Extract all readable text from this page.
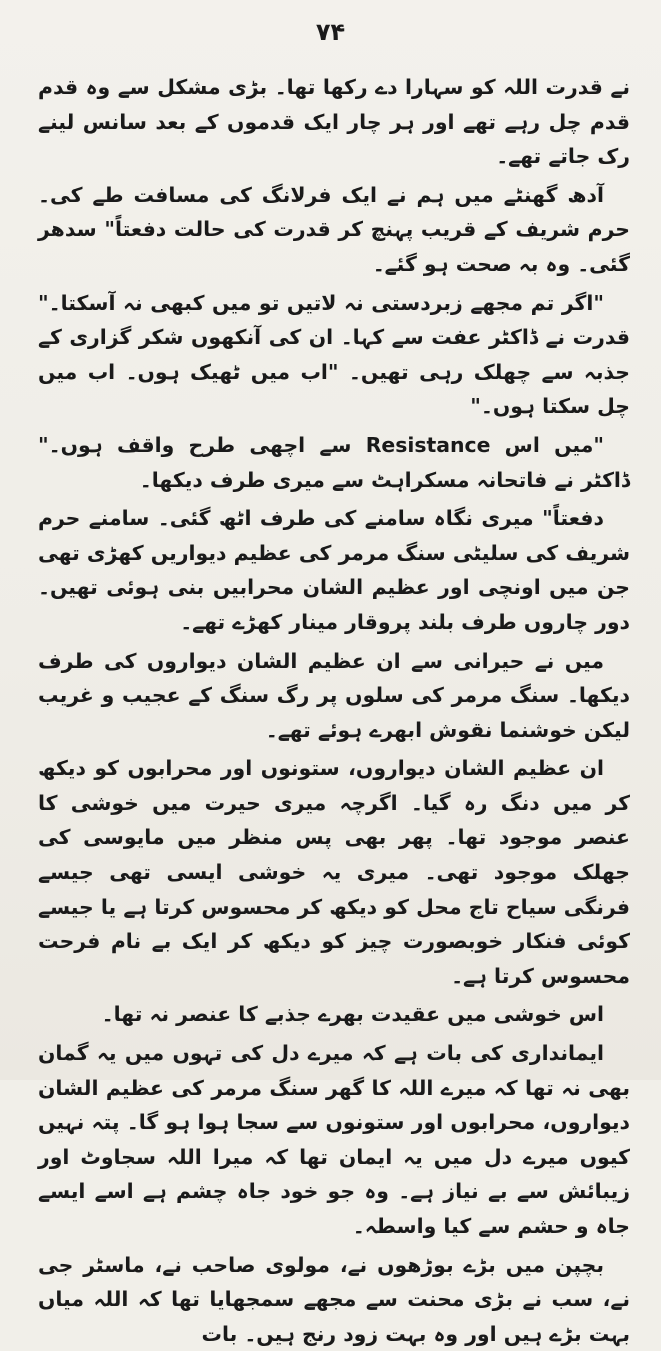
۷۴
نے قدرت اللہ کو سہارا دے رکھا تھا۔ بڑی مشکل سے وہ قدم قدم چل رہے تھے اور ہر چار ایک قدموں کے بعد سانس لینے رک جاتے تھے۔
آدھ گھنٹے میں ہم نے ایک فرلانگ کی مسافت طے کی۔ حرم شریف کے قریب پہنچ کر قدرت کی حالت دفعتاً" سدھر گئی۔ وہ بہ صحت ہو گئے۔
"اگر تم مجھے زبردستی نہ لاتیں تو میں کبھی نہ آسکتا۔" قدرت نے ڈاکٹر عفت سے کہا۔ ان کی آنکھوں شکر گزاری کے جذبہ سے چھلک رہی تھیں۔ "اب میں ٹھیک ہوں۔ اب میں چل سکتا ہوں۔"
"میں اس Resistance سے اچھی طرح واقف ہوں۔" ڈاکٹر نے فاتحانہ مسکراہٹ سے میری طرف دیکھا۔
دفعتاً" میری نگاہ سامنے کی طرف اٹھ گئی۔ سامنے حرم شریف کی سلیٹی سنگ مرمر کی عظیم دیواریں کھڑی تھی جن میں اونچی اور عظیم الشان محرابیں بنی ہوئی تھیں۔ دور چاروں طرف بلند پروقار مینار کھڑے تھے۔
میں نے حیرانی سے ان عظیم الشان دیواروں کی طرف دیکھا۔ سنگ مرمر کی سلوں پر رگ سنگ کے عجیب و غریب لیکن خوشنما نقوش ابھرے ہوئے تھے۔
ان عظیم الشان دیواروں، ستونوں اور محرابوں کو دیکھ کر میں دنگ رہ گیا۔ اگرچہ میری حیرت میں خوشی کا عنصر موجود تھا۔ پھر بھی پس منظر میں مایوسی کی جھلک موجود تھی۔ میری یہ خوشی ایسی تھی جیسے فرنگی سیاح تاج محل کو دیکھ کر محسوس کرتا ہے یا جیسے کوئی فنکار خوبصورت چیز کو دیکھ کر ایک بے نام فرحت محسوس کرتا ہے۔
اس خوشی میں عقیدت بھرے جذبے کا عنصر نہ تھا۔
ایمانداری کی بات ہے کہ میرے دل کی تہوں میں یہ گمان بھی نہ تھا کہ میرے اللہ کا گھر سنگ مرمر کی عظیم الشان دیواروں، محرابوں اور ستونوں سے سجا ہوا ہو گا۔ پتہ نہیں کیوں میرے دل میں یہ ایمان تھا کہ میرا اللہ سجاوٹ اور زیبائش سے بے نیاز ہے۔ وہ جو خود جاہ چشم ہے اسے ایسے جاہ و حشم سے کیا واسطہ۔
بچپن میں بڑے بوڑھوں نے، مولوی صاحب نے، ماسٹر جی نے، سب نے بڑی محنت سے مجھے سمجھایا تھا کہ اللہ میاں بہت بڑے ہیں اور وہ بہت زود رنج ہیں۔ بات
